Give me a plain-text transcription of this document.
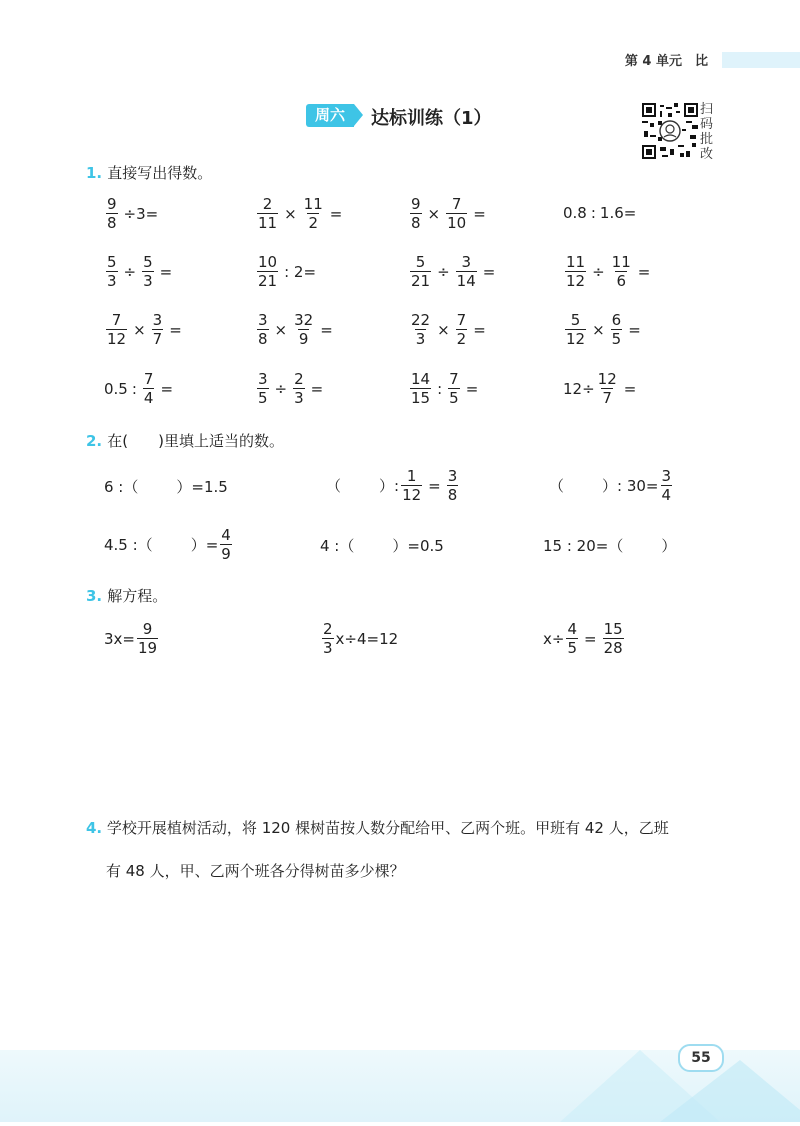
第 4 单元　比
周六	达标训练（1）	扫码批改
1. 直接写出得数。
$\frac{9}{8} \div 3=$	$\frac{2}{11} \times \frac{11}{2}$ =	$\frac{9}{8} \times \frac{7}{10}$ =	0.8 : 1.6=
$\frac{5}{3} \div \frac{5}{3}$ =	$\frac{10}{21}$ : 2=	$\frac{5}{21} \div \frac{3}{14}$ =	$\frac{11}{12} \div \frac{11}{6}$ =
$\frac{7}{12} \times \frac{3}{7}$ =	$\frac{3}{8} \times \frac{32}{9}$ =	$\frac{22}{3} \times \frac{7}{2}$ =	$\frac{5}{12} \times \frac{6}{5}$ =
0.5 : $\frac{7}{4}$ =	$\frac{3}{5} \div \frac{2}{3}$ =	$\frac{14}{15}$ : $\frac{7}{5}$ =	$12\div \frac{12}{7}$ =
2. 在(　　)里填上适当的数。
6 :（	）=1.5	（	）: $\frac{1}{12} = \frac{3}{8}$	（	）: $30= \frac{3}{4}$
4.5 :（	）= $\frac{4}{9}$	4 :（	）=0.5	15 : 20=（	）
3. 解方程。
$3x= \frac{9}{19}$	$\frac{2}{3} x\div 4=12$	$x\div \frac{4}{5} = \frac{15}{28}$
4. 学校开展植树活动，将 120 棵树苗按人数分配给甲、乙两个班。甲班有 42 人，乙班
有 48 人，甲、乙两个班各分得树苗多少棵？
55
